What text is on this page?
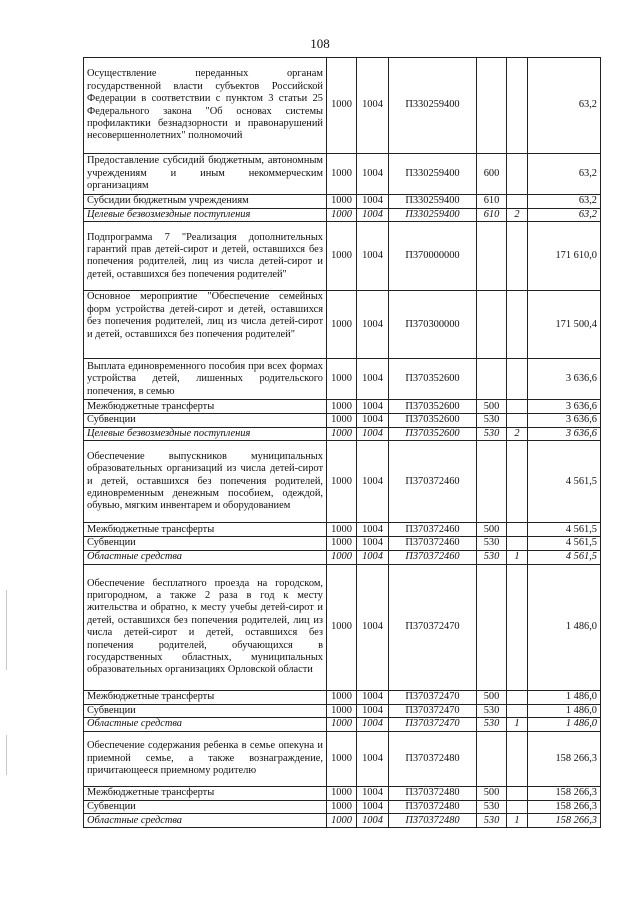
108
Осуществление переданных органам государственной власти субъектов Российской Федерации в соответствии с пунктом 3 статьи 25 Федерального закона "Об основах системы профилактики безнадзорности и правонарушений несовершеннолетних" полномочий	1000	1004	П330259400			63,2
Предоставление субсидий бюджетным, автономным учреждениям и иным некоммерческим организациям	1000	1004	П330259400	600		63,2
Субсидии бюджетным учреждениям	1000	1004	П330259400	610		63,2
Целевые безвозмездные поступления	1000	1004	П330259400	610	2	63,2
Подпрограмма 7 "Реализация дополнительных гарантий прав детей-сирот и детей, оставшихся без попечения родителей, лиц из числа детей-сирот и детей, оставшихся без попечения родителей"	1000	1004	П370000000			171 610,0
Основное мероприятие "Обеспечение семейных форм устройства детей-сирот и детей, оставшихся без попечения родителей, лиц из числа детей-сирот и детей, оставшихся без попечения родителей"	1000	1004	П370300000			171 500,4
Выплата единовременного пособия при всех формах устройства детей, лишенных родительского попечения, в семью	1000	1004	П370352600			3 636,6
Межбюджетные трансферты	1000	1004	П370352600	500		3 636,6
Субвенции	1000	1004	П370352600	530		3 636,6
Целевые безвозмездные поступления	1000	1004	П370352600	530	2	3 636,6
Обеспечение выпускников муниципальных образовательных организаций из числа детей-сирот и детей, оставшихся без попечения родителей, единовременным денежным пособием, одеждой, обувью, мягким инвентарем и оборудованием	1000	1004	П370372460			4 561,5
Межбюджетные трансферты	1000	1004	П370372460	500		4 561,5
Субвенции	1000	1004	П370372460	530		4 561,5
Областные средства	1000	1004	П370372460	530	1	4 561,5
Обеспечение бесплатного проезда на городском, пригородном, а также 2 раза в год к месту жительства и обратно, к месту учебы детей-сирот и детей, оставшихся без попечения родителей, лиц из числа детей-сирот и детей, оставшихся без попечения родителей, обучающихся в государственных областных, муниципальных образовательных организациях Орловской области	1000	1004	П370372470			1 486,0
Межбюджетные трансферты	1000	1004	П370372470	500		1 486,0
Субвенции	1000	1004	П370372470	530		1 486,0
Областные средства	1000	1004	П370372470	530	1	1 486,0
Обеспечение содержания ребенка в семье опекуна и приемной семье, а также вознаграждение, причитающееся приемному родителю	1000	1004	П370372480			158 266,3
Межбюджетные трансферты	1000	1004	П370372480	500		158 266,3
Субвенции	1000	1004	П370372480	530		158 266,3
Областные средства	1000	1004	П370372480	530	1	158 266,3
